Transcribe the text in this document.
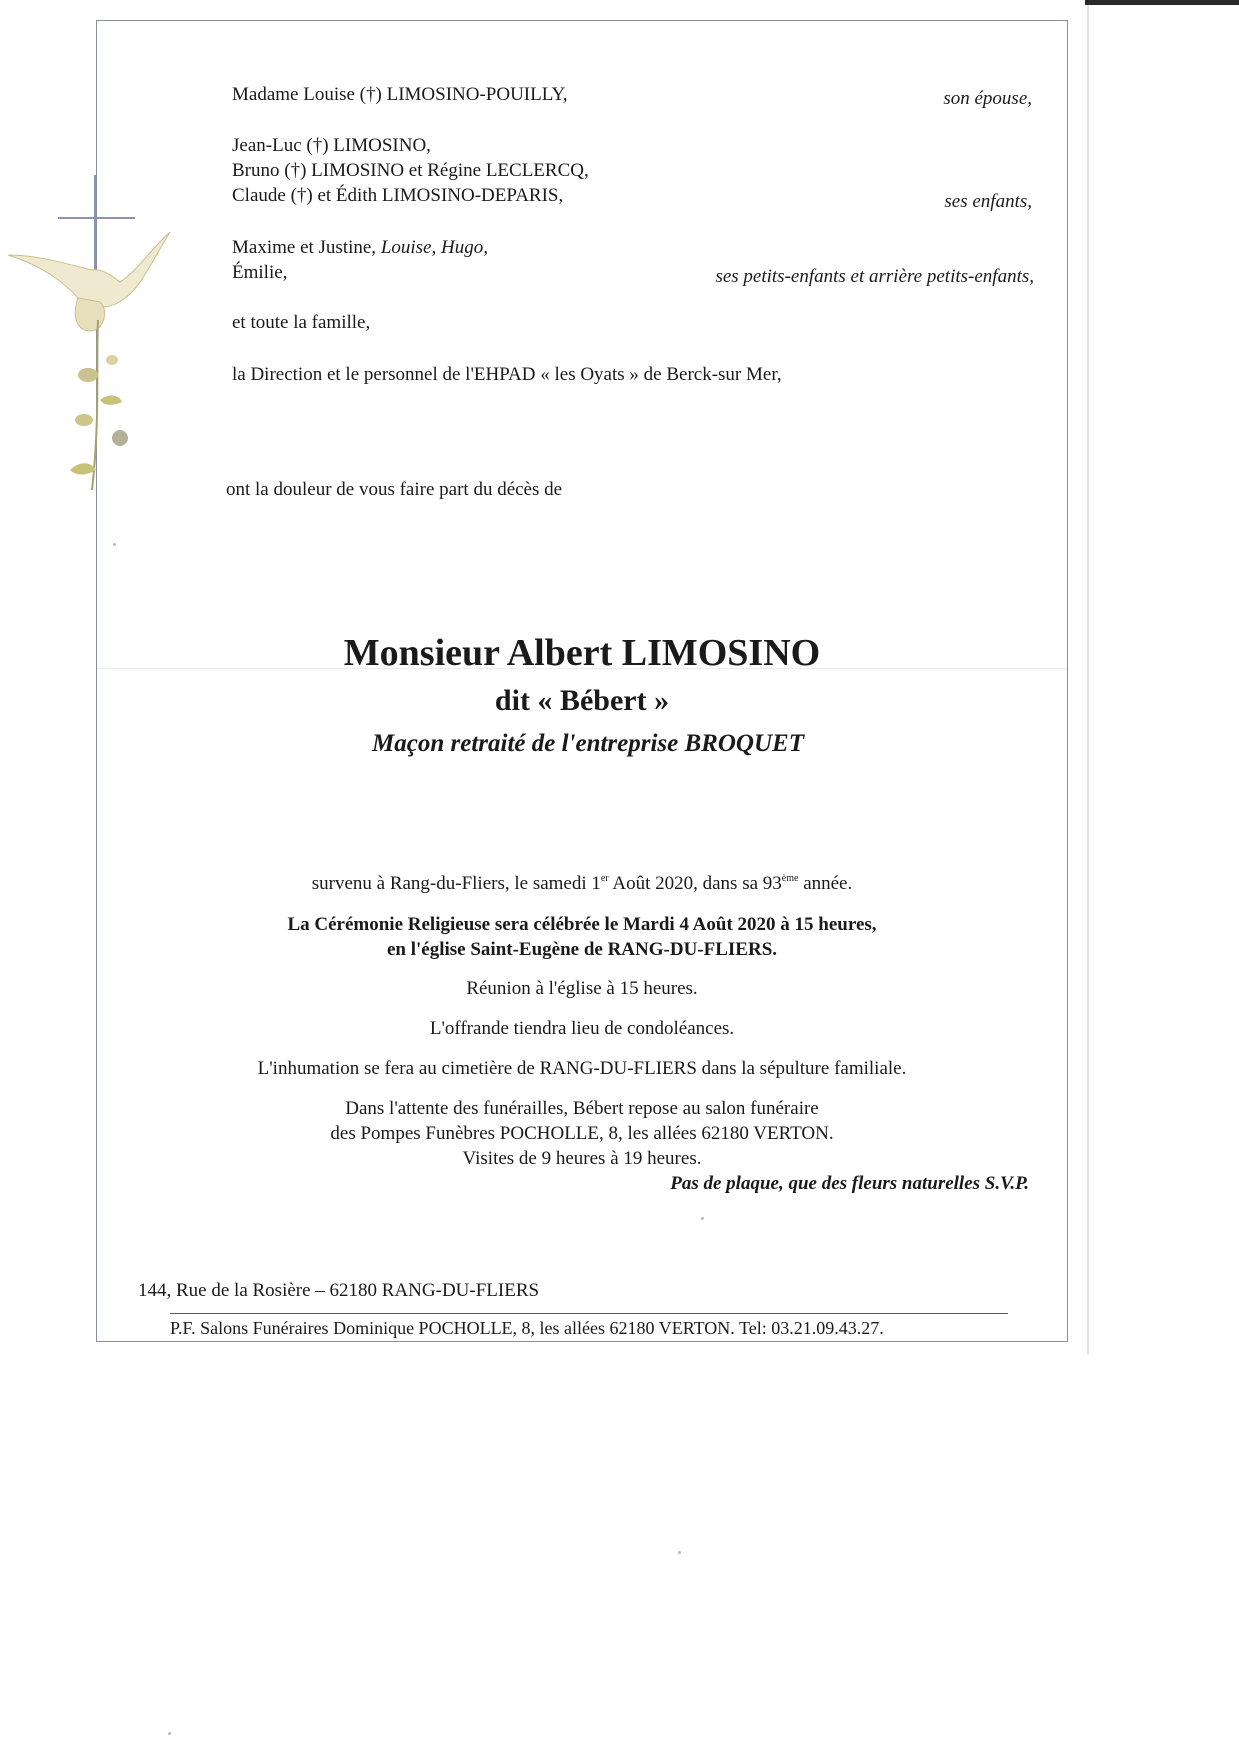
Madame Louise (†) LIMOSINO-POUILLY,	son épouse,
Jean-Luc (†) LIMOSINO,
Bruno (†) LIMOSINO et Régine LECLERCQ,
Claude (†) et Édith LIMOSINO-DEPARIS,	ses enfants,
Maxime et Justine, Louise, Hugo,
Émilie,	ses petits-enfants et arrière petits-enfants,
et toute la famille,
la Direction et le personnel de l'EHPAD « les Oyats » de Berck-sur Mer,
ont la douleur de vous faire part du décès de
Monsieur Albert LIMOSINO
dit « Bébert »
Maçon retraité de l'entreprise BROQUET
survenu à Rang-du-Fliers, le samedi 1er Août 2020, dans sa 93ème année.
La Cérémonie Religieuse sera célébrée le Mardi 4 Août 2020 à 15 heures,
en l'église Saint-Eugène de RANG-DU-FLIERS.
Réunion à l'église à 15 heures.
L'offrande tiendra lieu de condoléances.
L'inhumation se fera au cimetière de RANG-DU-FLIERS dans la sépulture familiale.
Dans l'attente des funérailles, Bébert repose au salon funéraire
des Pompes Funèbres POCHOLLE, 8, les allées 62180 VERTON.
Visites de 9 heures à 19 heures.
Pas de plaque, que des fleurs naturelles S.V.P.
144, Rue de la Rosière – 62180 RANG-DU-FLIERS
P.F. Salons Funéraires Dominique POCHOLLE, 8, les allées 62180 VERTON. Tel: 03.21.09.43.27.
